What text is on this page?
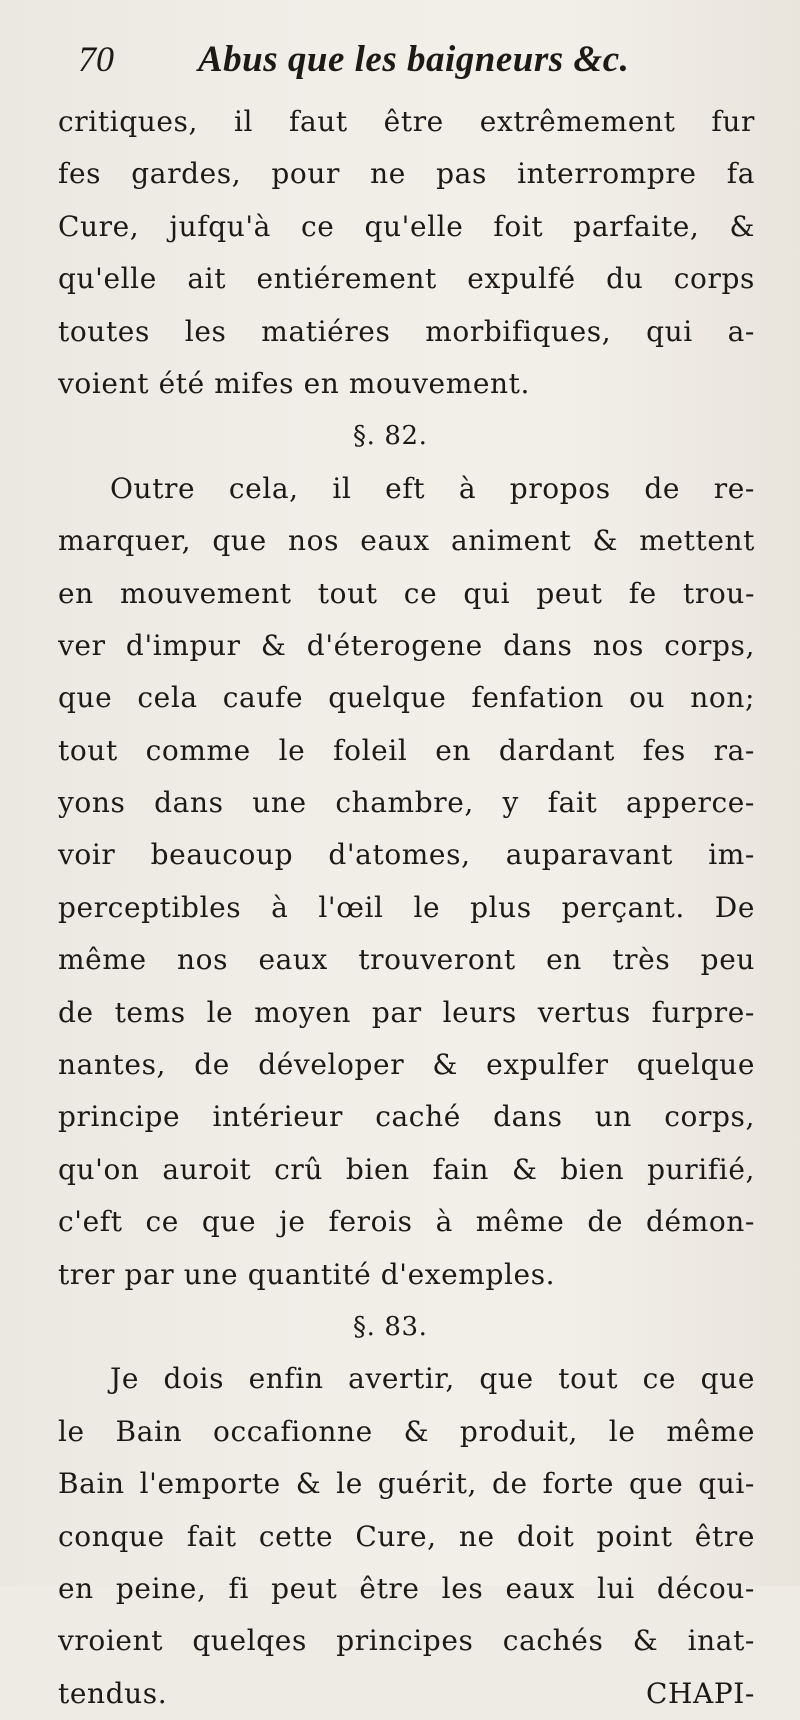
70 Abus que les baigneurs &c.
critiques, il faut être extrêmement fur
fes gardes, pour ne pas interrompre fa
Cure, jufqu'à ce qu'elle foit parfaite, &
qu'elle ait entiérement expulfé du corps
toutes les matiéres morbifiques, qui a-
voient été mifes en mouvement.
§. 82.
Outre cela, il eft à propos de re-
marquer, que nos eaux animent & mettent
en mouvement tout ce qui peut fe trou-
ver d'impur & d'éterogene dans nos corps,
que cela caufe quelque fenfation ou non;
tout comme le foleil en dardant fes ra-
yons dans une chambre, y fait apperce-
voir beaucoup d'atomes, auparavant im-
perceptibles à l'œil le plus perçant. De
même nos eaux trouveront en très peu
de tems le moyen par leurs vertus furpre-
nantes, de déveloper & expulfer quelque
principe intérieur caché dans un corps,
qu'on auroit crû bien fain & bien purifié,
c'eft ce que je ferois à même de démon-
trer par une quantité d'exemples.
§. 83.
Je dois enfin avertir, que tout ce que
le Bain occafionne & produit, le même
Bain l'emporte & le guérit, de forte que qui-
conque fait cette Cure, ne doit point être
en peine, fi peut être les eaux lui décou-
vroient quelqes principes cachés & inat-
tendus.	CHAPI-
